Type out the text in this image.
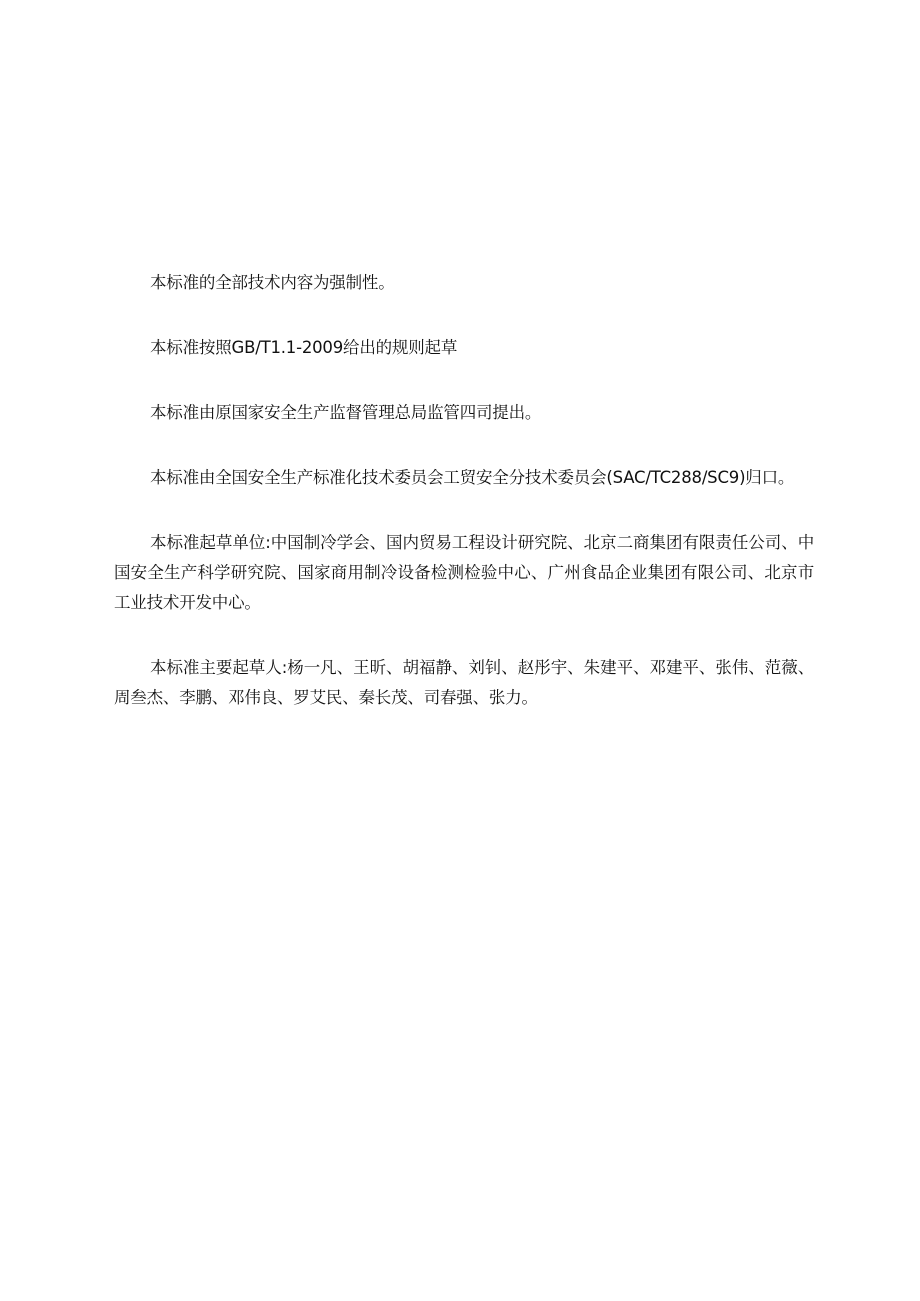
本标准的全部技术内容为强制性。

本标准按照GB/T1.1-2009给出的规则起草

本标准由原国家安全生产监督管理总局监管四司提出。

本标准由全国安全生产标准化技术委员会工贸安全分技术委员会(SAC/TC288/SC9)归口。

本标准起草单位:中国制冷学会、国内贸易工程设计研究院、北京二商集团有限责任公司、中国安全生产科学研究院、国家商用制冷设备检测检验中心、广州食品企业集团有限公司、北京市工业技术开发中心。

本标准主要起草人:杨一凡、王昕、胡福静、刘钊、赵彤宇、朱建平、邓建平、张伟、范薇、周叁杰、李鹏、邓伟良、罗艾民、秦长茂、司春强、张力。
